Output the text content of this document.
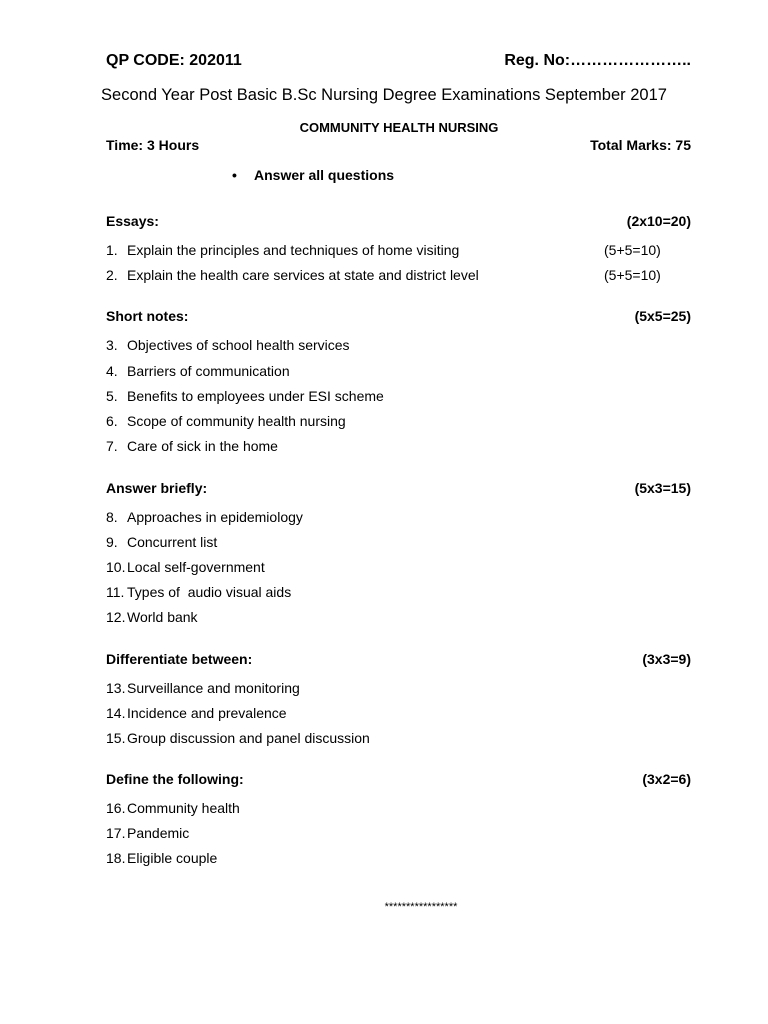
QP CODE: 202011	Reg. No:…………………..
Second Year Post Basic B.Sc Nursing Degree Examinations September 2017
COMMUNITY HEALTH NURSING
Time: 3 Hours	Total Marks: 75
• Answer all questions
Essays:	(2x10=20)
1. Explain the principles and techniques of home visiting	(5+5=10)
2. Explain the health care services at state and district level	(5+5=10)
Short notes:	(5x5=25)
3. Objectives of school health services
4. Barriers of communication
5. Benefits to employees under ESI scheme
6. Scope of community health nursing
7. Care of sick in the home
Answer briefly:	(5x3=15)
8. Approaches in epidemiology
9. Concurrent list
10. Local self-government
11. Types of  audio visual aids
12. World bank
Differentiate between:	(3x3=9)
13. Surveillance and monitoring
14. Incidence and prevalence
15. Group discussion and panel discussion
Define the following:	(3x2=6)
16. Community health
17. Pandemic
18. Eligible couple
*****************
